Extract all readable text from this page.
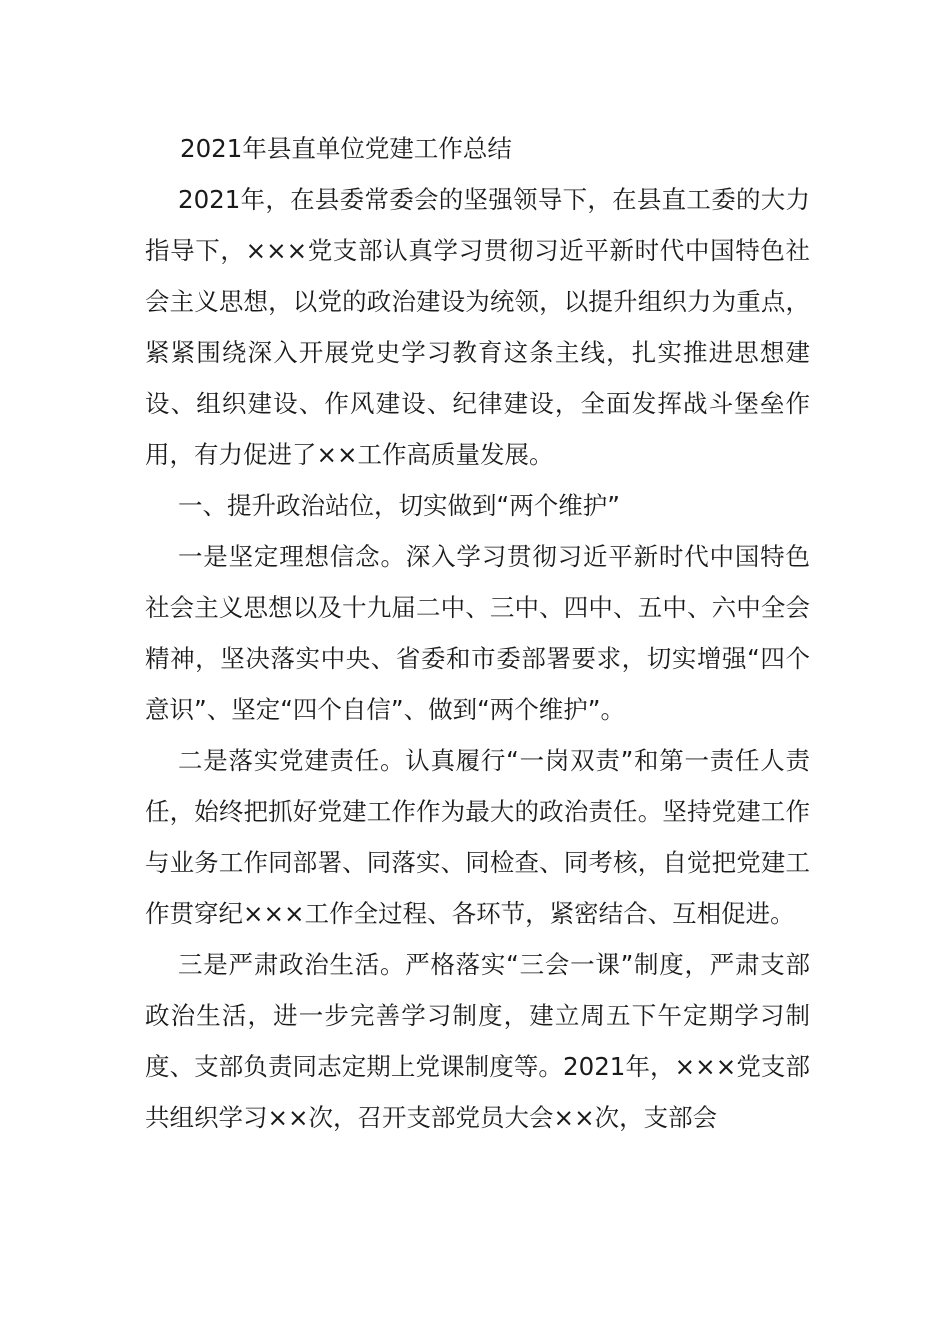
2021年县直单位党建工作总结

2021年，在县委常委会的坚强领导下，在县直工委的大力指导下，×××党支部认真学习贯彻习近平新时代中国特色社会主义思想，以党的政治建设为统领，以提升组织力为重点，紧紧围绕深入开展党史学习教育这条主线，扎实推进思想建设、组织建设、作风建设、纪律建设，全面发挥战斗堡垒作用，有力促进了××工作高质量发展。

一、提升政治站位，切实做到“两个维护”

一是坚定理想信念。深入学习贯彻习近平新时代中国特色社会主义思想以及十九届二中、三中、四中、五中、六中全会精神，坚决落实中央、省委和市委部署要求，切实增强“四个意识”、坚定“四个自信”、做到“两个维护”。

二是落实党建责任。认真履行“一岗双责”和第一责任人责任，始终把抓好党建工作作为最大的政治责任。坚持党建工作与业务工作同部署、同落实、同检查、同考核，自觉把党建工作贯穿纪×××工作全过程、各环节，紧密结合、互相促进。

三是严肃政治生活。严格落实“三会一课”制度，严肃支部政治生活，进一步完善学习制度，建立周五下午定期学习制度、支部负责同志定期上党课制度等。2021年，×××党支部共组织学习××次，召开支部党员大会××次，支部会
